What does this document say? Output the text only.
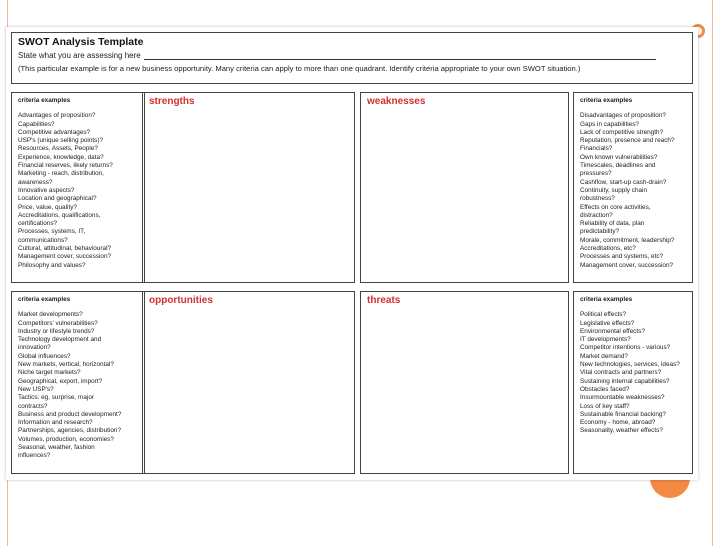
SWOT Analysis Template
State what you are assessing here
(This particular example is for a new business opportunity. Many criteria can apply to more than one quadrant. Identify criteria appropriate to your own SWOT situation.)
criteria examples
Advantages of proposition?
Capabilities?
Competitive advantages?
USP's (unique selling points)?
Resources, Assets, People?
Experience, knowledge, data?
Financial reserves, likely returns?
Marketing - reach, distribution,
awareness?
Innovative aspects?
Location and geographical?
Price, value, quality?
Accreditations, qualifications,
certifications?
Processes, systems, IT,
communications?
Cultural, attitudinal, behavioural?
Management cover, succession?
Philosophy and values?
strengths	weaknesses	criteria examples
Disadvantages of proposition?
Gaps in capabilities?
Lack of competitive strength?
Reputation, presence and reach?
Financials?
Own known vulnerabilities?
Timescales, deadlines and
pressures?
Cashflow, start-up cash-drain?
Continuity, supply chain
robustness?
Effects on core activities,
distraction?
Reliability of data, plan
predictability?
Morale, commitment, leadership?
Accreditations, etc?
Processes and systems, etc?
Management cover, succession?
criteria examples
Market developments?
Competitors' vulnerabilities?
Industry or lifestyle trends?
Technology development and
innovation?
Global influences?
New markets, vertical, horizontal?
Niche target markets?
Geographical, export, import?
New USP's?
Tactics: eg, surprise, major
contracts?
Business and product development?
Information and research?
Partnerships, agencies, distribution?
Volumes, production, economies?
Seasonal, weather, fashion
influences?
opportunities	threats	criteria examples
Political effects?
Legislative effects?
Environmental effects?
IT developments?
Competitor intentions - various?
Market demand?
New technologies, services, ideas?
Vital contracts and partners?
Sustaining internal capabilities?
Obstacles faced?
Insurmountable weaknesses?
Loss of key staff?
Sustainable financial backing?
Economy - home, abroad?
Seasonality, weather effects?
